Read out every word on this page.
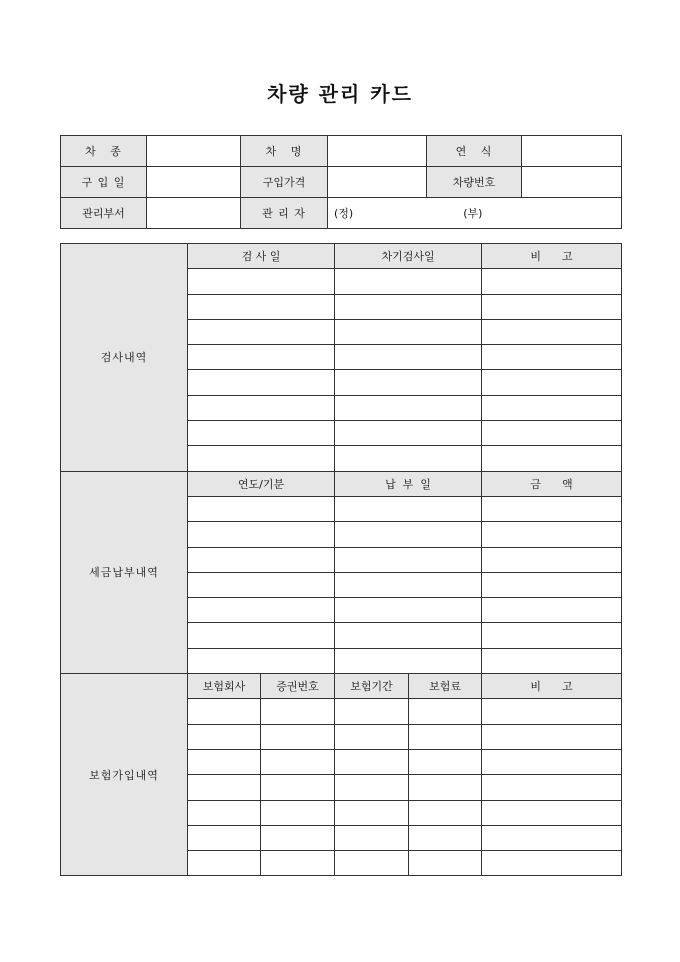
차량 관리 카드
차   종		차   명		연   식	
구 입 일		구입가격		차량번호	
관리부서		관 리 자	(정) (부)		
검사내역	검 사 일		차기검사일		비      고

세금납부내역	연도/기분		납  부  일		금      액

보험가입내역	보험회사	증권번호	보험기간	보험료	비      고
